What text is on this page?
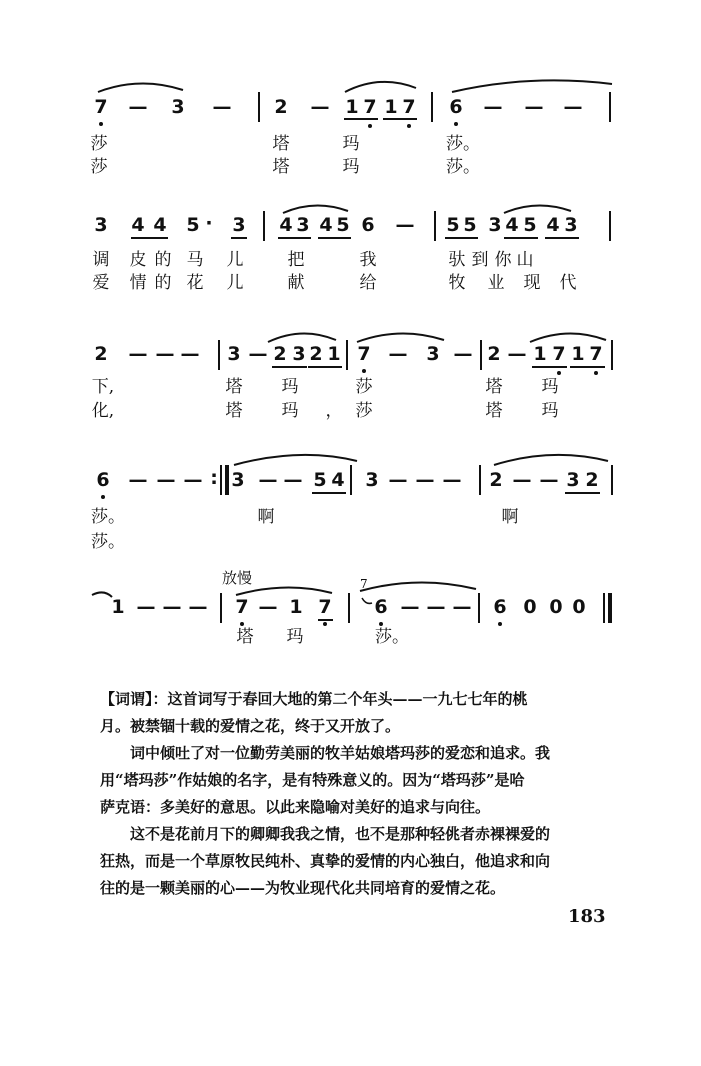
7 — 3 — 2 — 1 7 1 7 6 — — —
莎	塔	玛	莎。
莎	塔	玛	莎。
3 4 4 5 · 3 4 3 4 5 6 — 5 5 3 4 5 4 3
调 皮 的 马 儿	把	我	驮 到 你 山
爱 情 的 花 儿	献	给	牧 业 现 代
2 — — — 3 — 2 3 2 1 7 — 3 — 2 — 1 7 1 7
下,	塔 玛	莎	塔 玛
化,	塔 玛 ， 莎	塔 玛
6 — — — : 3 — — 5 4 3 — — — 2 — — 3 2
莎。	啊	啊
莎。
放慢	7
1 — — — 7 — 1 7 6 — — — 6 0 0 0
塔 玛	莎。

【词谓】：这首词写于春回大地的第二个年头——一九七七年的桃

月。被禁锢十载的爱情之花，终于又开放了。

词中倾吐了对一位勤劳美丽的牧羊姑娘塔玛莎的爱恋和追求。我

用“塔玛莎”作姑娘的名字，是有特殊意义的。因为“塔玛莎”是哈

萨克语：多美好的意思。以此来隐喻对美好的追求与向往。

这不是花前月下的卿卿我我之情，也不是那种轻佻者赤裸裸爱的

狂热，而是一个草原牧民纯朴、真挚的爱情的内心独白，他追求和向

往的是一颗美丽的心——为牧业现代化共同培育的爱情之花。

183
